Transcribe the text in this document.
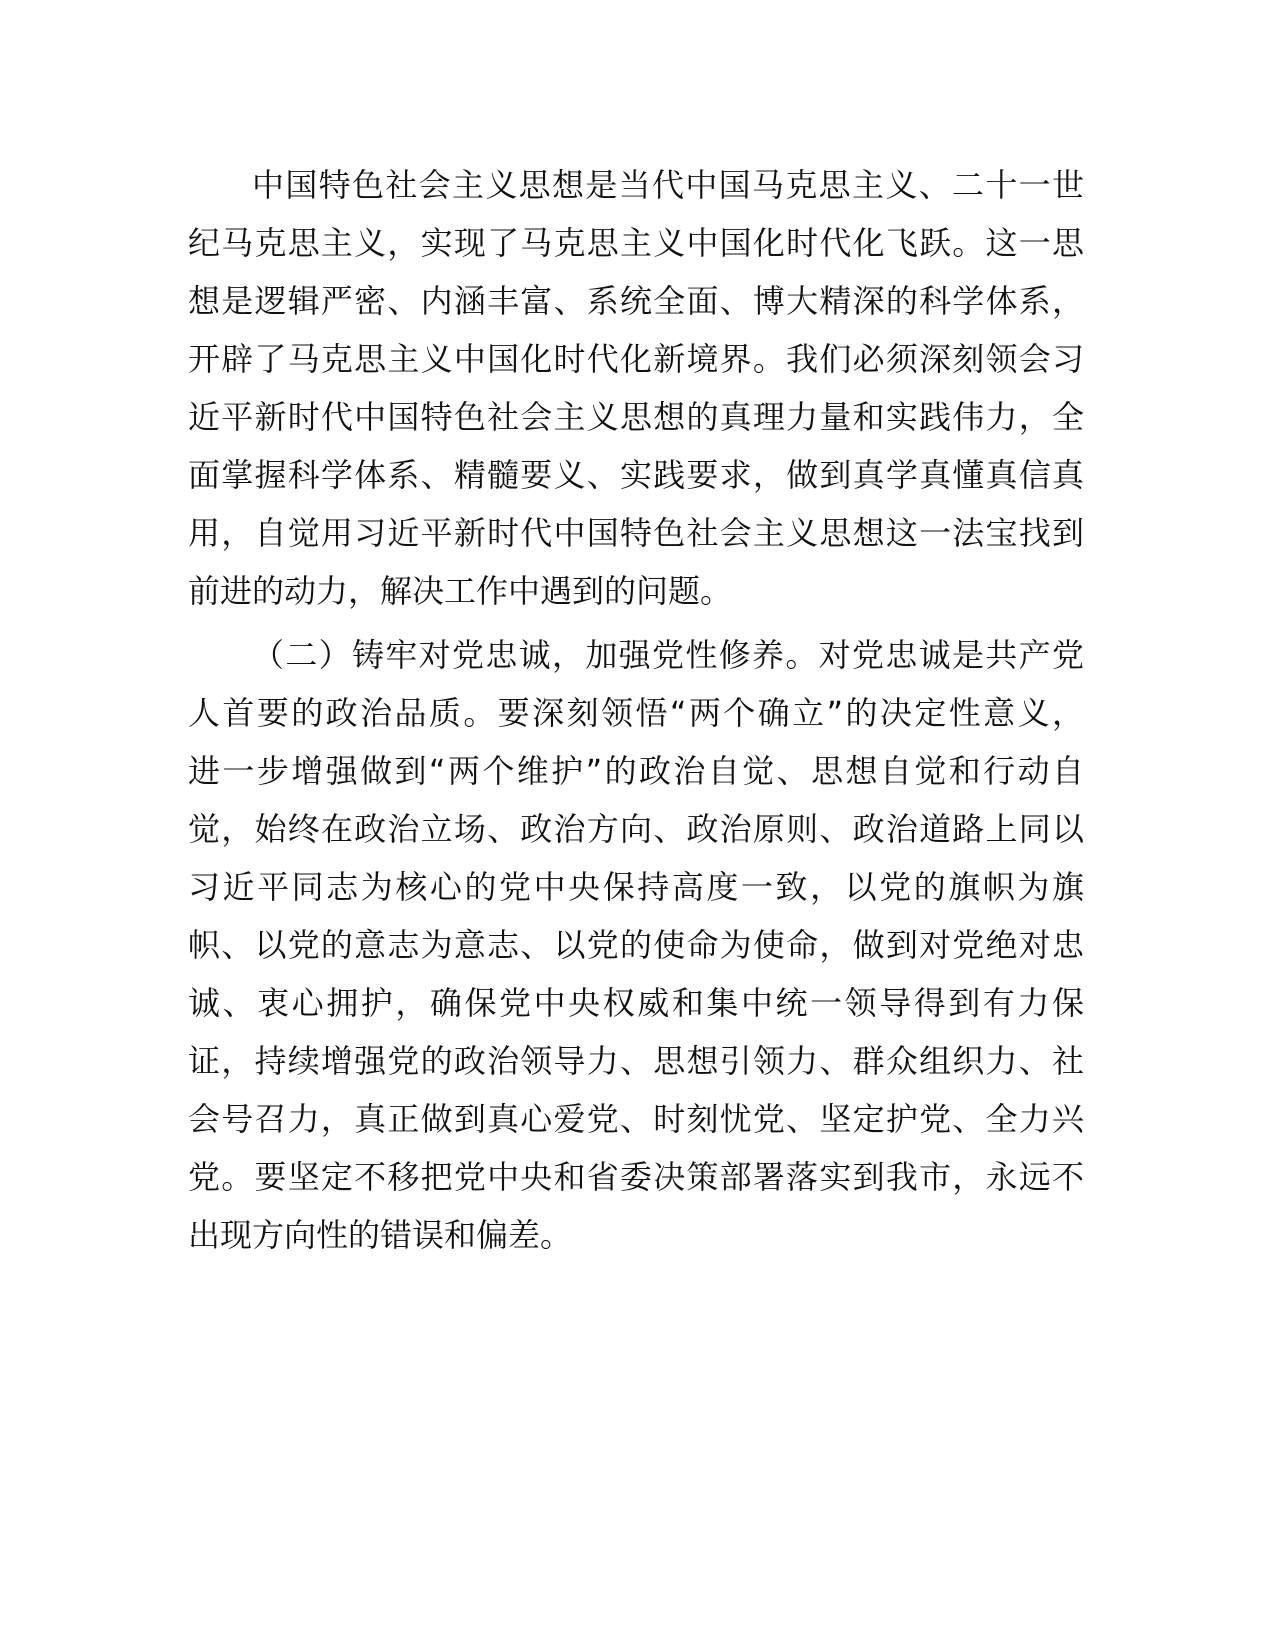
中国特色社会主义思想是当代中国马克思主义、二十一世
纪马克思主义，实现了马克思主义中国化时代化飞跃。这一思
想是逻辑严密、内涵丰富、系统全面、博大精深的科学体系，
开辟了马克思主义中国化时代化新境界。我们必须深刻领会习
近平新时代中国特色社会主义思想的真理力量和实践伟力，全
面掌握科学体系、精髓要义、实践要求，做到真学真懂真信真
用，自觉用习近平新时代中国特色社会主义思想这一法宝找到
前进的动力，解决工作中遇到的问题。

（二）铸牢对党忠诚，加强党性修养。对党忠诚是共产党
人首要的政治品质。要深刻领悟“两个确立”的决定性意义，
进一步增强做到“两个维护”的政治自觉、思想自觉和行动自
觉，始终在政治立场、政治方向、政治原则、政治道路上同以
习近平同志为核心的党中央保持高度一致，以党的旗帜为旗
帜、以党的意志为意志、以党的使命为使命，做到对党绝对忠
诚、衷心拥护，确保党中央权威和集中统一领导得到有力保
证，持续增强党的政治领导力、思想引领力、群众组织力、社
会号召力，真正做到真心爱党、时刻忧党、坚定护党、全力兴
党。要坚定不移把党中央和省委决策部署落实到我市，永远不
出现方向性的错误和偏差。
